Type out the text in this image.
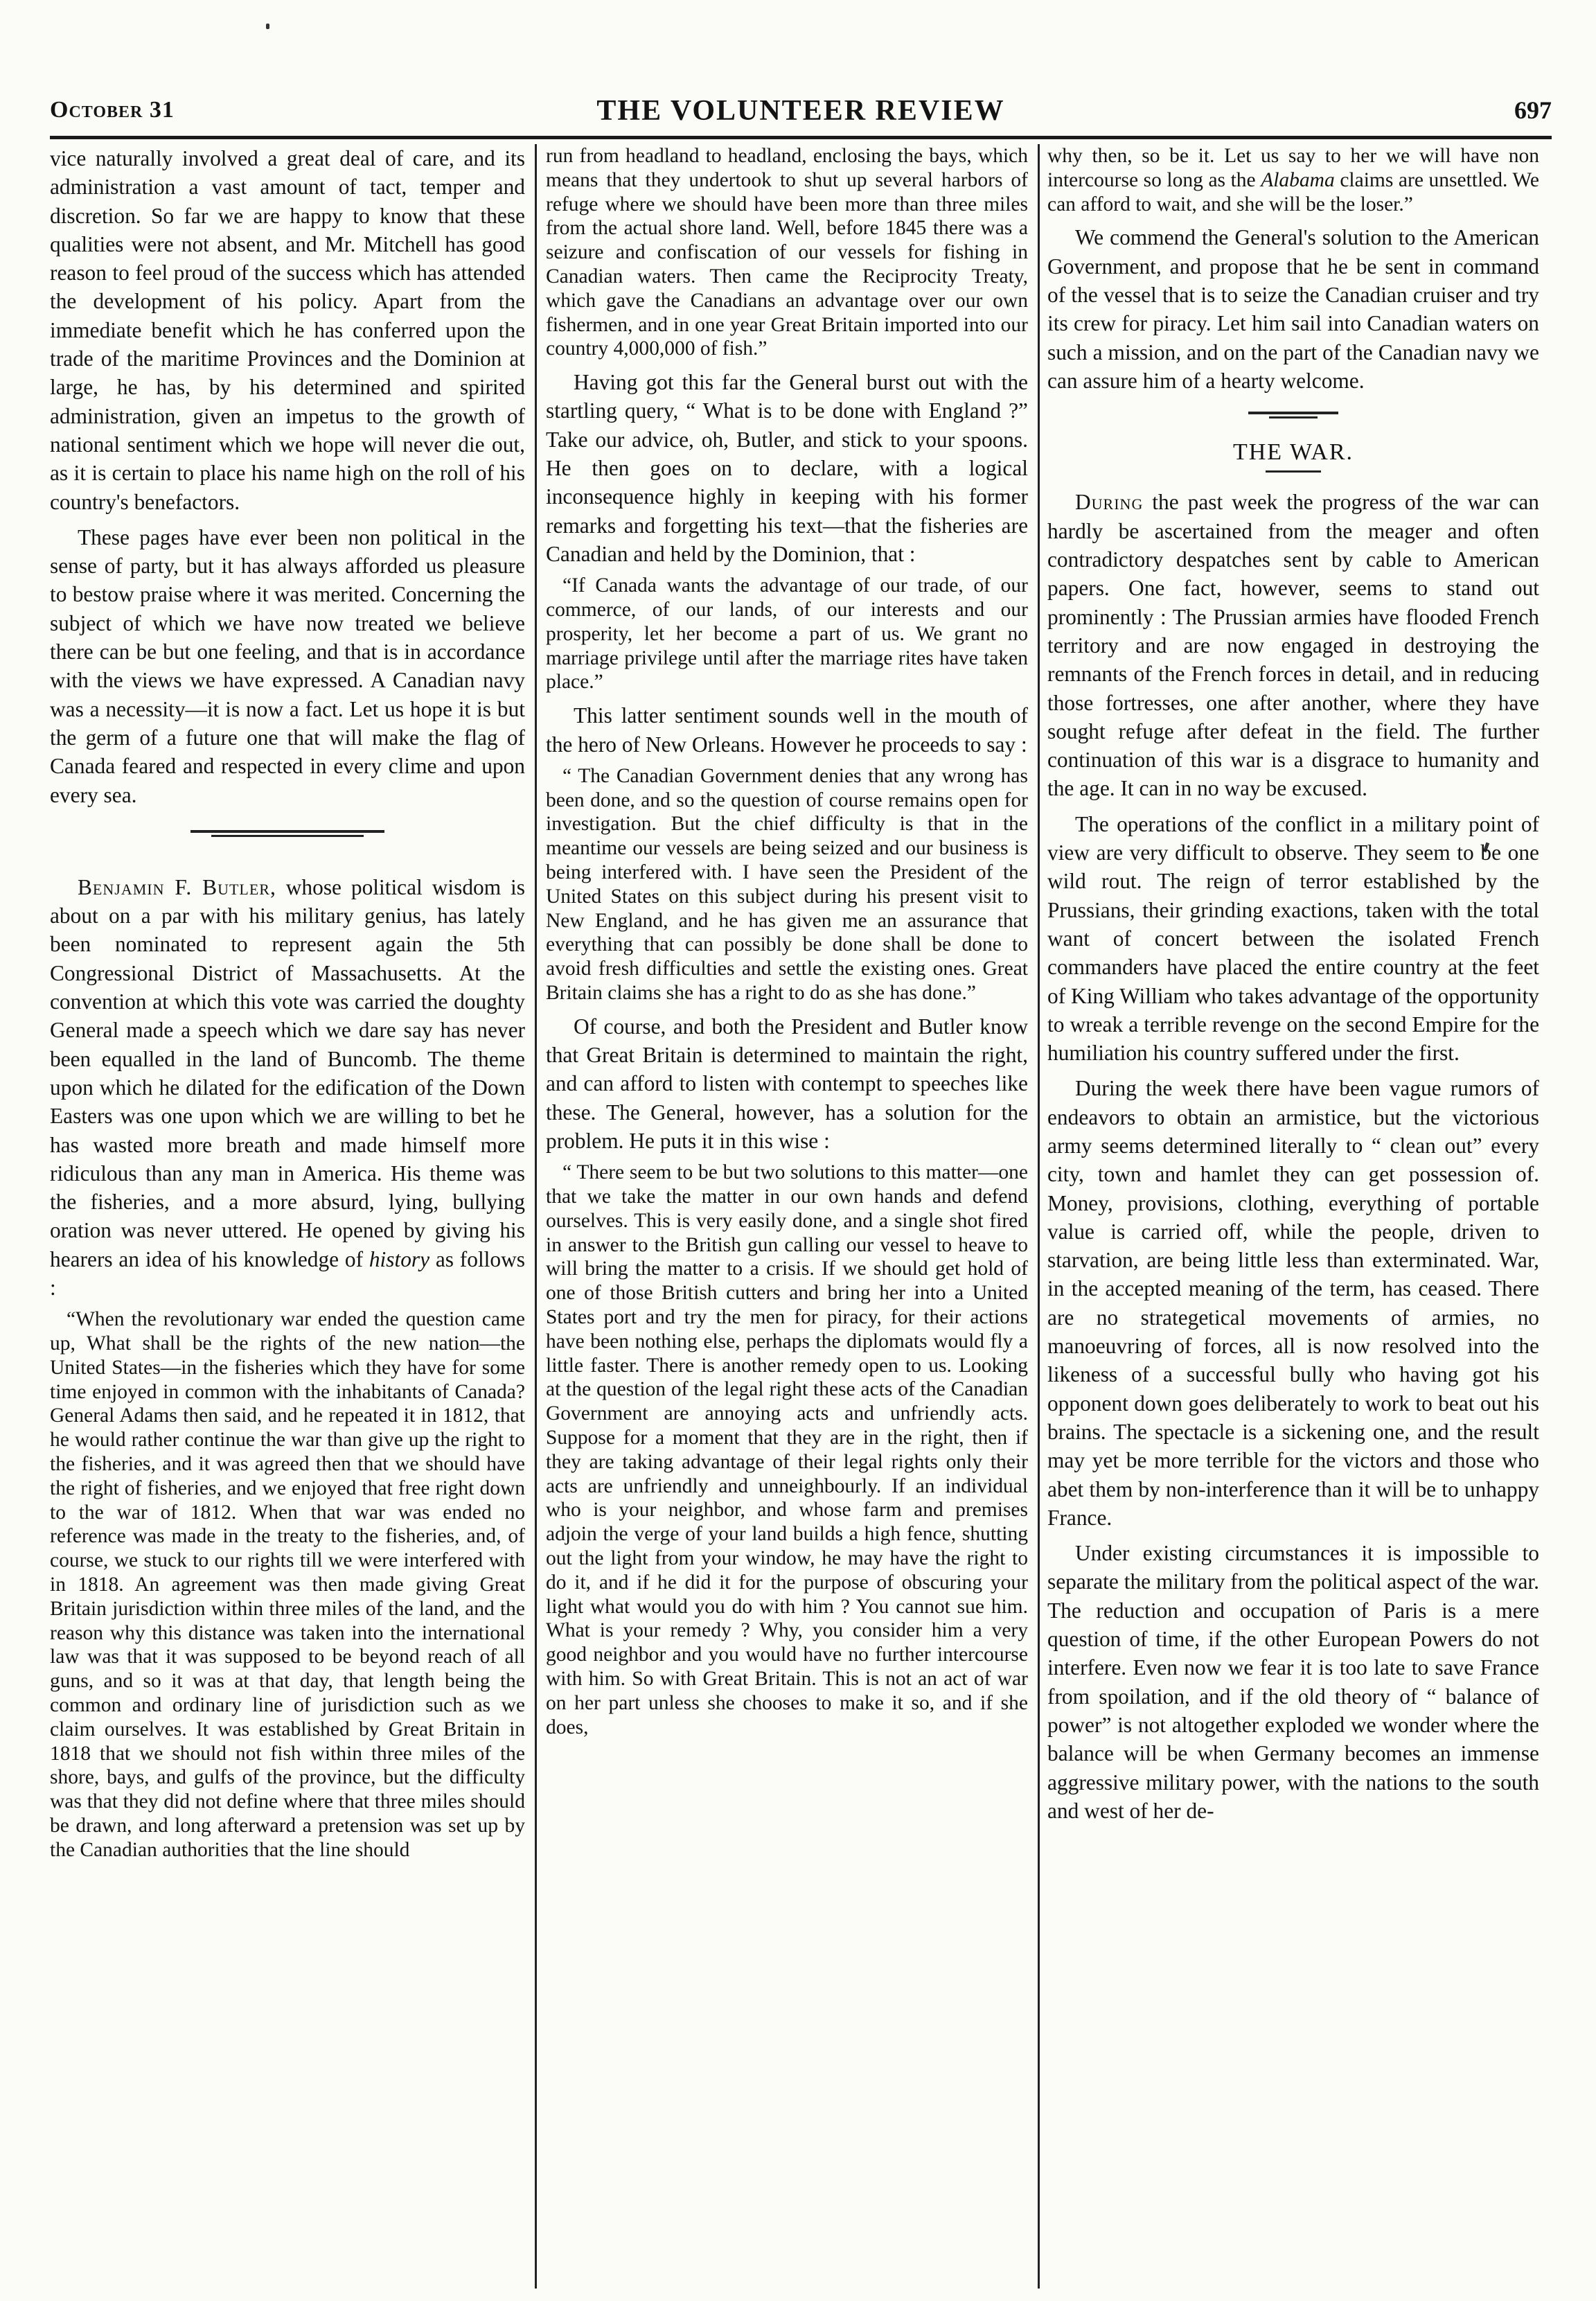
October 31	THE VOLUNTEER REVIEW	697

vice naturally involved a great deal of care, and its administration a vast amount of tact, temper and discretion. So far we are happy to know that these qualities were not absent, and Mr. Mitchell has good reason to feel proud of the success which has attended the development of his policy. Apart from the immediate benefit which he has conferred upon the trade of the maritime Provinces and the Dominion at large, he has, by his determined and spirited administration, given an impetus to the growth of national sentiment which we hope will never die out, as it is certain to place his name high on the roll of his country's benefactors.

These pages have ever been non political in the sense of party, but it has always afforded us pleasure to bestow praise where it was merited. Concerning the subject of which we have now treated we believe there can be but one feeling, and that is in accordance with the views we have expressed. A Canadian navy was a necessity—it is now a fact. Let us hope it is but the germ of a future one that will make the flag of Canada feared and respected in every clime and upon every sea.

Benjamin F. Butler, whose political wisdom is about on a par with his military genius, has lately been nominated to represent again the 5th Congressional District of Massachusetts. At the convention at which this vote was carried the doughty General made a speech which we dare say has never been equalled in the land of Buncomb. The theme upon which he dilated for the edification of the Down Easters was one upon which we are willing to bet he has wasted more breath and made himself more ridiculous than any man in America. His theme was the fisheries, and a more absurd, lying, bullying oration was never uttered. He opened by giving his hearers an idea of his knowledge of history as follows :

“When the revolutionary war ended the question came up, What shall be the rights of the new nation—the United States—in the fisheries which they have for some time enjoyed in common with the inhabitants of Canada? General Adams then said, and he repeated it in 1812, that he would rather continue the war than give up the right to the fisheries, and it was agreed then that we should have the right of fisheries, and we enjoyed that free right down to the war of 1812. When that war was ended no reference was made in the treaty to the fisheries, and, of course, we stuck to our rights till we were interfered with in 1818. An agreement was then made giving Great Britain jurisdiction within three miles of the land, and the reason why this distance was taken into the international law was that it was supposed to be beyond reach of all guns, and so it was at that day, that length being the common and ordinary line of jurisdiction such as we claim ourselves. It was established by Great Britain in 1818 that we should not fish within three miles of the shore, bays, and gulfs of the province, but the difficulty was that they did not define where that three miles should be drawn, and long afterward a pretension was set up by the Canadian authorities that the line should

run from headland to headland, enclosing the bays, which means that they undertook to shut up several harbors of refuge where we should have been more than three miles from the actual shore land. Well, before 1845 there was a seizure and confiscation of our vessels for fishing in Canadian waters. Then came the Reciprocity Treaty, which gave the Canadians an advantage over our own fishermen, and in one year Great Britain imported into our country 4,000,000 of fish.”

Having got this far the General burst out with the startling query, “ What is to be done with England ?” Take our advice, oh, Butler, and stick to your spoons. He then goes on to declare, with a logical inconsequence highly in keeping with his former remarks and forgetting his text—that the fisheries are Canadian and held by the Dominion, that :

“If Canada wants the advantage of our trade, of our commerce, of our lands, of our interests and our prosperity, let her become a part of us. We grant no marriage privilege until after the marriage rites have taken place.”

This latter sentiment sounds well in the mouth of the hero of New Orleans. However he proceeds to say :

“ The Canadian Government denies that any wrong has been done, and so the question of course remains open for investigation. But the chief difficulty is that in the meantime our vessels are being seized and our business is being interfered with. I have seen the President of the United States on this subject during his present visit to New England, and he has given me an assurance that everything that can possibly be done shall be done to avoid fresh difficulties and settle the existing ones. Great Britain claims she has a right to do as she has done.”

Of course, and both the President and Butler know that Great Britain is determined to maintain the right, and can afford to listen with contempt to speeches like these. The General, however, has a solution for the problem. He puts it in this wise :

“ There seem to be but two solutions to this matter—one that we take the matter in our own hands and defend ourselves. This is very easily done, and a single shot fired in answer to the British gun calling our vessel to heave to will bring the matter to a crisis. If we should get hold of one of those British cutters and bring her into a United States port and try the men for piracy, for their actions have been nothing else, perhaps the diplomats would fly a little faster. There is another remedy open to us. Looking at the question of the legal right these acts of the Canadian Government are annoying acts and unfriendly acts. Suppose for a moment that they are in the right, then if they are taking advantage of their legal rights only their acts are unfriendly and unneighbourly. If an individual who is your neighbor, and whose farm and premises adjoin the verge of your land builds a high fence, shutting out the light from your window, he may have the right to do it, and if he did it for the purpose of obscuring your light what would you do with him ? You cannot sue him. What is your remedy ? Why, you consider him a very good neighbor and you would have no further intercourse with him. So with Great Britain. This is not an act of war on her part unless she chooses to make it so, and if she does,

why then, so be it. Let us say to her we will have non intercourse so long as the Alabama claims are unsettled. We can afford to wait, and she will be the loser.”

We commend the General's solution to the American Government, and propose that he be sent in command of the vessel that is to seize the Canadian cruiser and try its crew for piracy. Let him sail into Canadian waters on such a mission, and on the part of the Canadian navy we can assure him of a hearty welcome.

THE WAR.

During the past week the progress of the war can hardly be ascertained from the meager and often contradictory despatches sent by cable to American papers. One fact, however, seems to stand out prominently : The Prussian armies have flooded French territory and are now engaged in destroying the remnants of the French forces in detail, and in reducing those fortresses, one after another, where they have sought refuge after defeat in the field. The further continuation of this war is a disgrace to humanity and the age. It can in no way be excused.

The operations of the conflict in a military point of view are very difficult to observe. They seem to be one wild rout. The reign of terror established by the Prussians, their grinding exactions, taken with the total want of concert between the isolated French commanders have placed the entire country at the feet of King William who takes advantage of the opportunity to wreak a terrible revenge on the second Empire for the humiliation his country suffered under the first.

During the week there have been vague rumors of endeavors to obtain an armistice, but the victorious army seems determined literally to “ clean out” every city, town and hamlet they can get possession of. Money, provisions, clothing, everything of portable value is carried off, while the people, driven to starvation, are being little less than exterminated. War, in the accepted meaning of the term, has ceased. There are no strategetical movements of armies, no manoeuvring of forces, all is now resolved into the likeness of a successful bully who having got his opponent down goes deliberately to work to beat out his brains. The spectacle is a sickening one, and the result may yet be more terrible for the victors and those who abet them by non-interference than it will be to unhappy France.

Under existing circumstances it is impossible to separate the military from the political aspect of the war. The reduction and occupation of Paris is a mere question of time, if the other European Powers do not interfere. Even now we fear it is too late to save France from spoilation, and if the old theory of “ balance of power” is not altogether exploded we wonder where the balance will be when Germany becomes an immense aggressive military power, with the nations to the south and west of her de-
